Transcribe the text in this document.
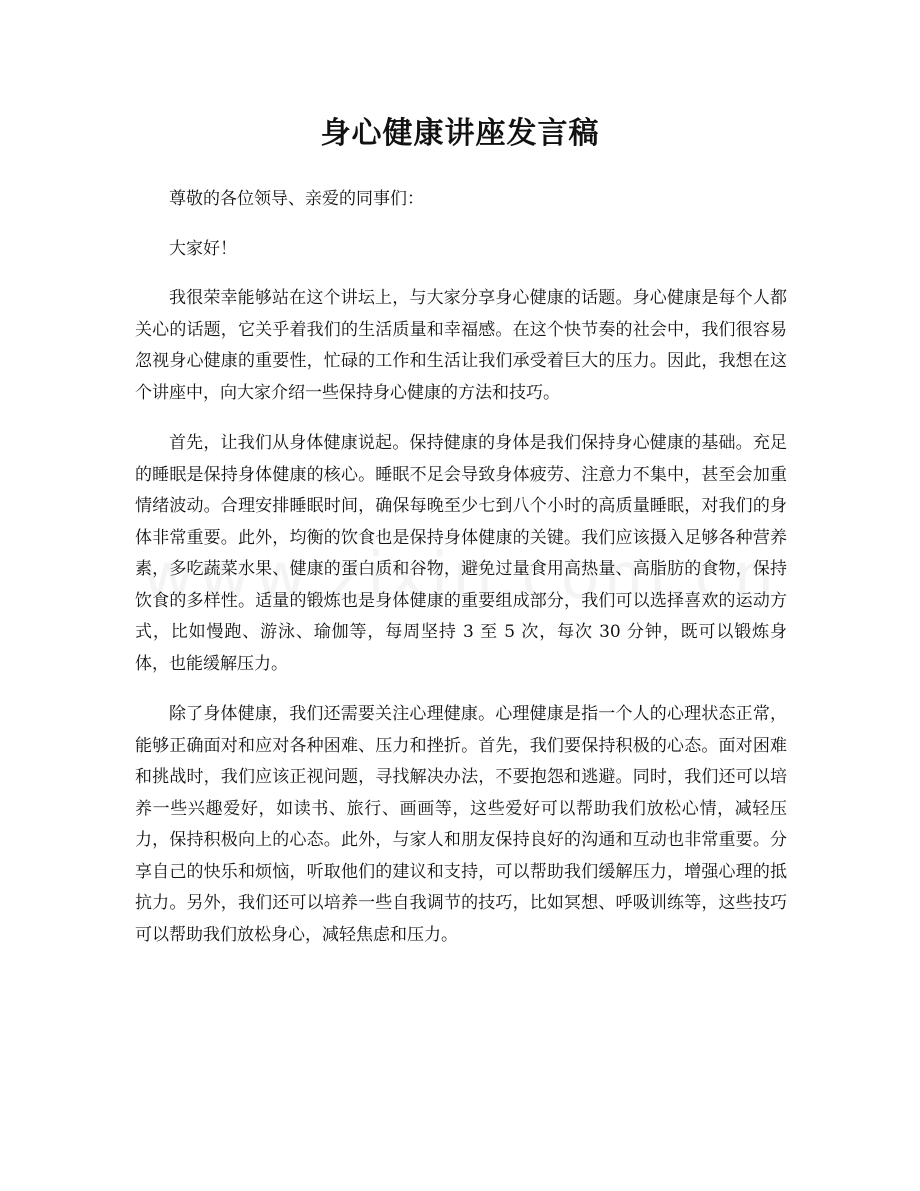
身心健康讲座发言稿

尊敬的各位领导、亲爱的同事们：

大家好！

我很荣幸能够站在这个讲坛上，与大家分享身心健康的话题。身心健康是每个人都关心的话题，它关乎着我们的生活质量和幸福感。在这个快节奏的社会中，我们很容易忽视身心健康的重要性，忙碌的工作和生活让我们承受着巨大的压力。因此，我想在这个讲座中，向大家介绍一些保持身心健康的方法和技巧。

首先，让我们从身体健康说起。保持健康的身体是我们保持身心健康的基础。充足的睡眠是保持身体健康的核心。睡眠不足会导致身体疲劳、注意力不集中，甚至会加重情绪波动。合理安排睡眠时间，确保每晚至少七到八个小时的高质量睡眠，对我们的身体非常重要。此外，均衡的饮食也是保持身体健康的关键。我们应该摄入足够各种营养素，多吃蔬菜水果、健康的蛋白质和谷物，避免过量食用高热量、高脂肪的食物，保持饮食的多样性。适量的锻炼也是身体健康的重要组成部分，我们可以选择喜欢的运动方式，比如慢跑、游泳、瑜伽等，每周坚持 3 至 5 次，每次 30 分钟，既可以锻炼身体，也能缓解压力。

除了身体健康，我们还需要关注心理健康。心理健康是指一个人的心理状态正常，能够正确面对和应对各种困难、压力和挫折。首先，我们要保持积极的心态。面对困难和挑战时，我们应该正视问题，寻找解决办法，不要抱怨和逃避。同时，我们还可以培养一些兴趣爱好，如读书、旅行、画画等，这些爱好可以帮助我们放松心情，减轻压力，保持积极向上的心态。此外，与家人和朋友保持良好的沟通和互动也非常重要。分享自己的快乐和烦恼，听取他们的建议和支持，可以帮助我们缓解压力，增强心理的抵抗力。另外，我们还可以培养一些自我调节的技巧，比如冥想、呼吸训练等，这些技巧可以帮助我们放松身心，减轻焦虑和压力。
